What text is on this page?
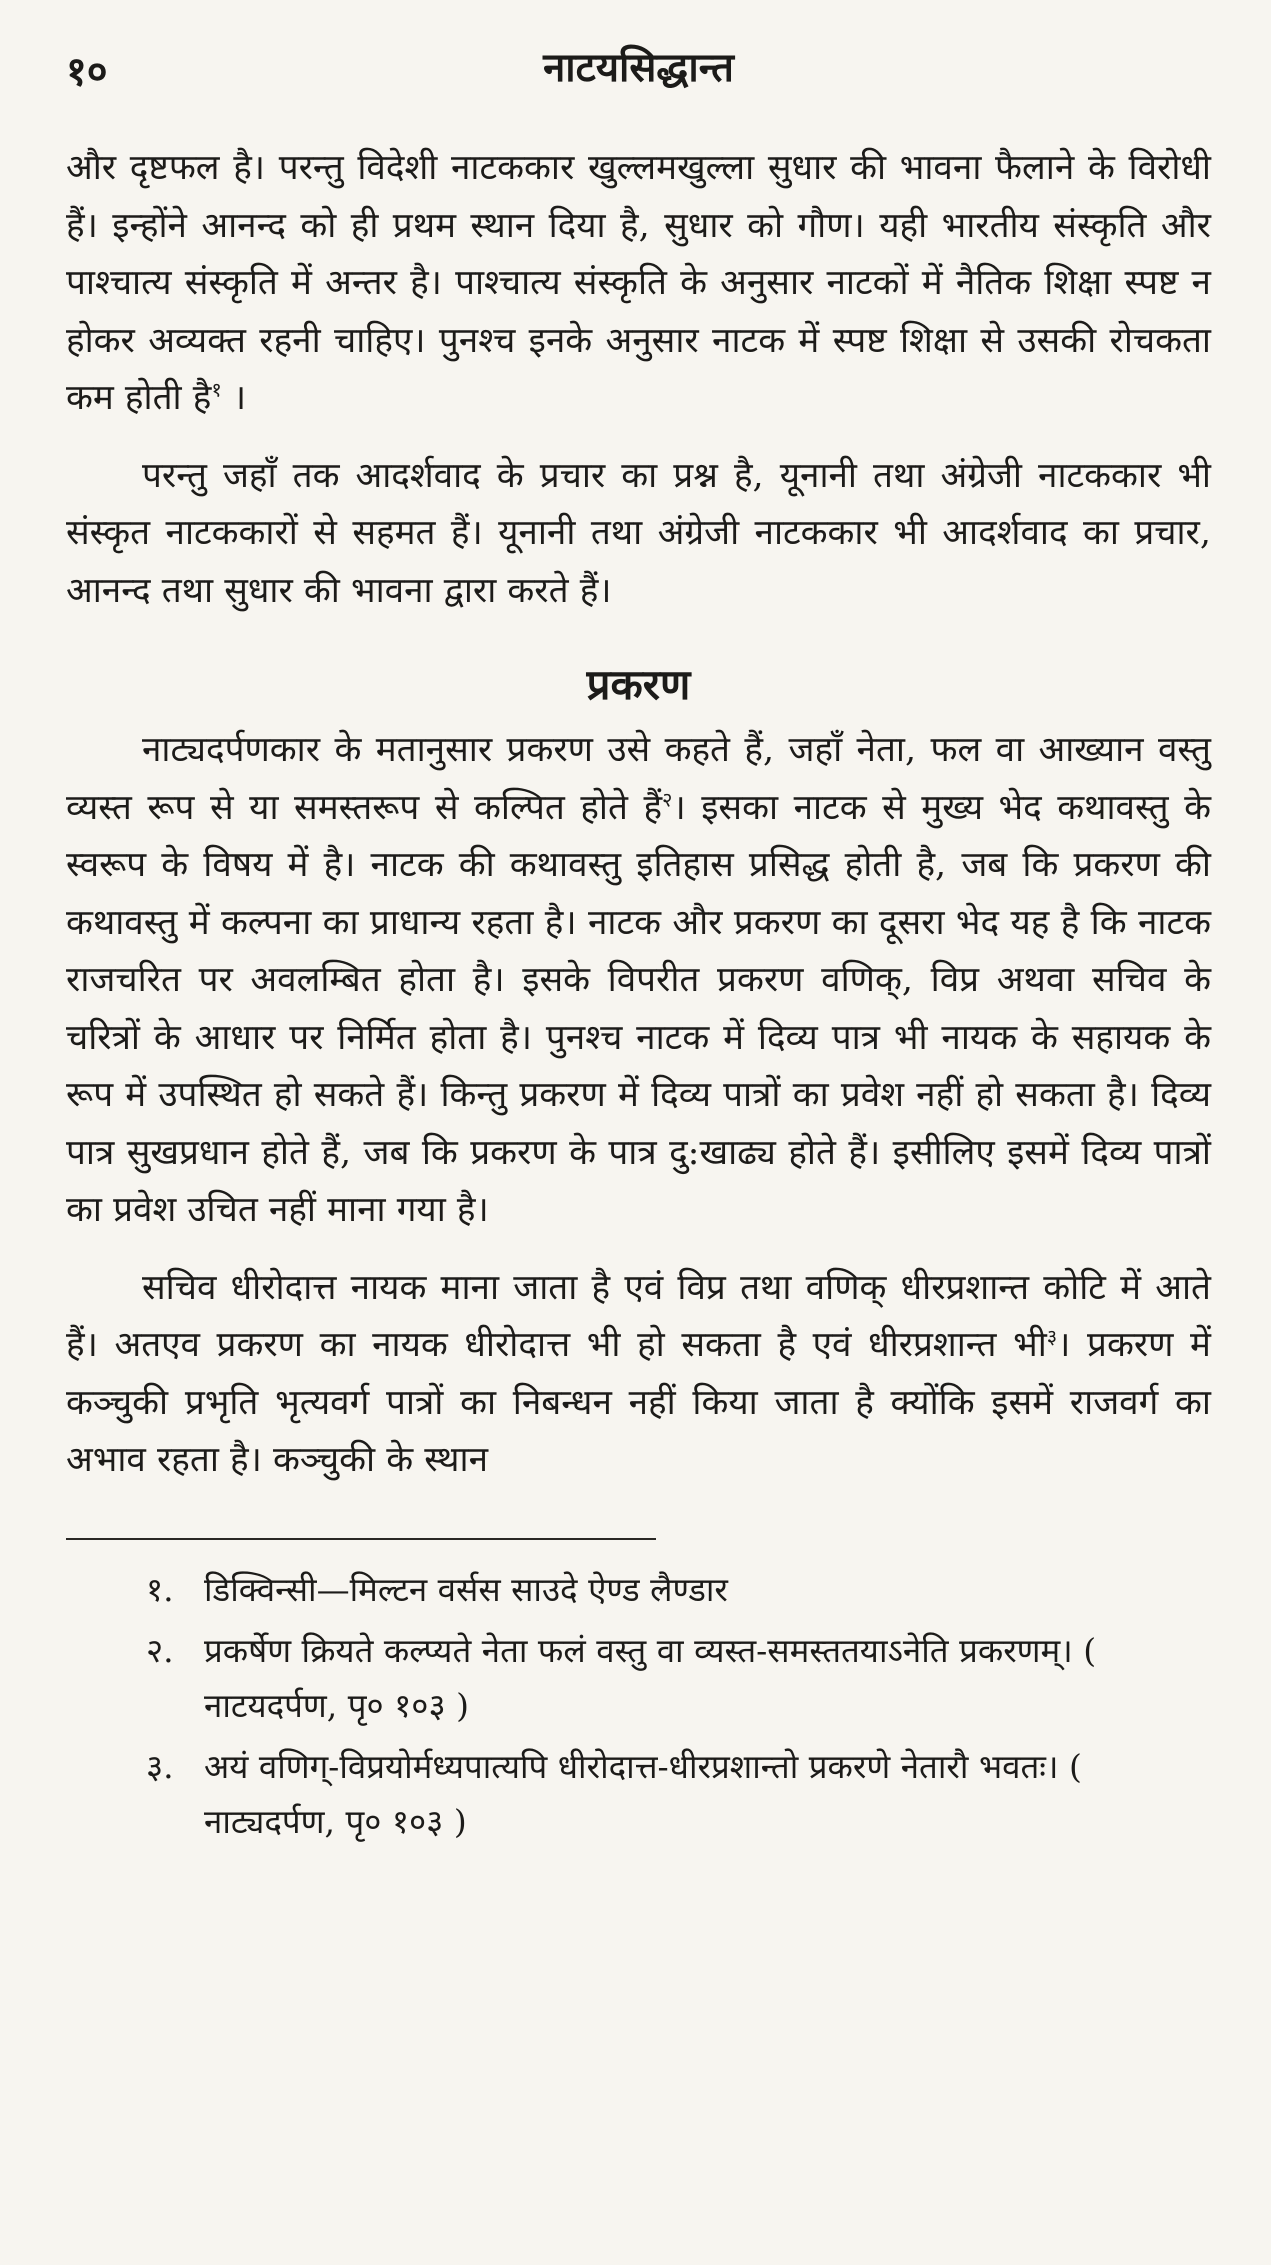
१०	नाटयसिद्धान्त

और दृष्टफल है। परन्तु विदेशी नाटककार खुल्लमखुल्ला सुधार की भावना फैलाने के विरोधी हैं। इन्होंने आनन्द को ही प्रथम स्थान दिया है, सुधार को गौण। यही भारतीय संस्कृति और पाश्चात्य संस्कृति में अन्तर है। पाश्चात्य संस्कृति के अनुसार नाटकों में नैतिक शिक्षा स्पष्ट न होकर अव्यक्त रहनी चाहिए। पुनश्च इनके अनुसार नाटक में स्पष्ट शिक्षा से उसकी रोचकता कम होती है$^१$ ।

परन्तु जहाँ तक आदर्शवाद के प्रचार का प्रश्न है, यूनानी तथा अंग्रेजी नाटककार भी संस्कृत नाटककारों से सहमत हैं। यूनानी तथा अंग्रेजी नाटककार भी आदर्शवाद का प्रचार, आनन्द तथा सुधार की भावना द्वारा करते हैं।

प्रकरण

नाट्यदर्पणकार के मतानुसार प्रकरण उसे कहते हैं, जहाँ नेता, फल वा आख्यान वस्तु व्यस्त रूप से या समस्तरूप से कल्पित होते हैं$^२$। इसका नाटक से मुख्य भेद कथावस्तु के स्वरूप के विषय में है। नाटक की कथावस्तु इतिहास प्रसिद्ध होती है, जब कि प्रकरण की कथावस्तु में कल्पना का प्राधान्य रहता है। नाटक और प्रकरण का दूसरा भेद यह है कि नाटक राजचरित पर अवलम्बित होता है। इसके विपरीत प्रकरण वणिक्, विप्र अथवा सचिव के चरित्रों के आधार पर निर्मित होता है। पुनश्च नाटक में दिव्य पात्र भी नायक के सहायक के रूप में उपस्थित हो सकते हैं। किन्तु प्रकरण में दिव्य पात्रों का प्रवेश नहीं हो सकता है। दिव्य पात्र सुखप्रधान होते हैं, जब कि प्रकरण के पात्र दु:खाढ्य होते हैं। इसीलिए इसमें दिव्य पात्रों का प्रवेश उचित नहीं माना गया है।

सचिव धीरोदात्त नायक माना जाता है एवं विप्र तथा वणिक् धीरप्रशान्त कोटि में आते हैं। अतएव प्रकरण का नायक धीरोदात्त भी हो सकता है एवं धीरप्रशान्त भी$^३$। प्रकरण में कञ्चुकी प्रभृति भृत्यवर्ग पात्रों का निबन्धन नहीं किया जाता है क्योंकि इसमें राजवर्ग का अभाव रहता है। कञ्चुकी के स्थान

१. डिक्विन्सी—मिल्टन वर्सस साउदे ऐण्ड लैण्डार
२. प्रकर्षेण क्रियते कल्प्यते नेता फलं वस्तु वा व्यस्त-समस्ततयाऽनेति प्रकरणम्। ( नाटयदर्पण, पृ० १०३ )
३. अयं वणिग्-विप्रयोर्मध्यपात्यपि धीरोदात्त-धीरप्रशान्तो प्रकरणे नेतारौ भवतः। ( नाट्यदर्पण, पृ० १०३ )
